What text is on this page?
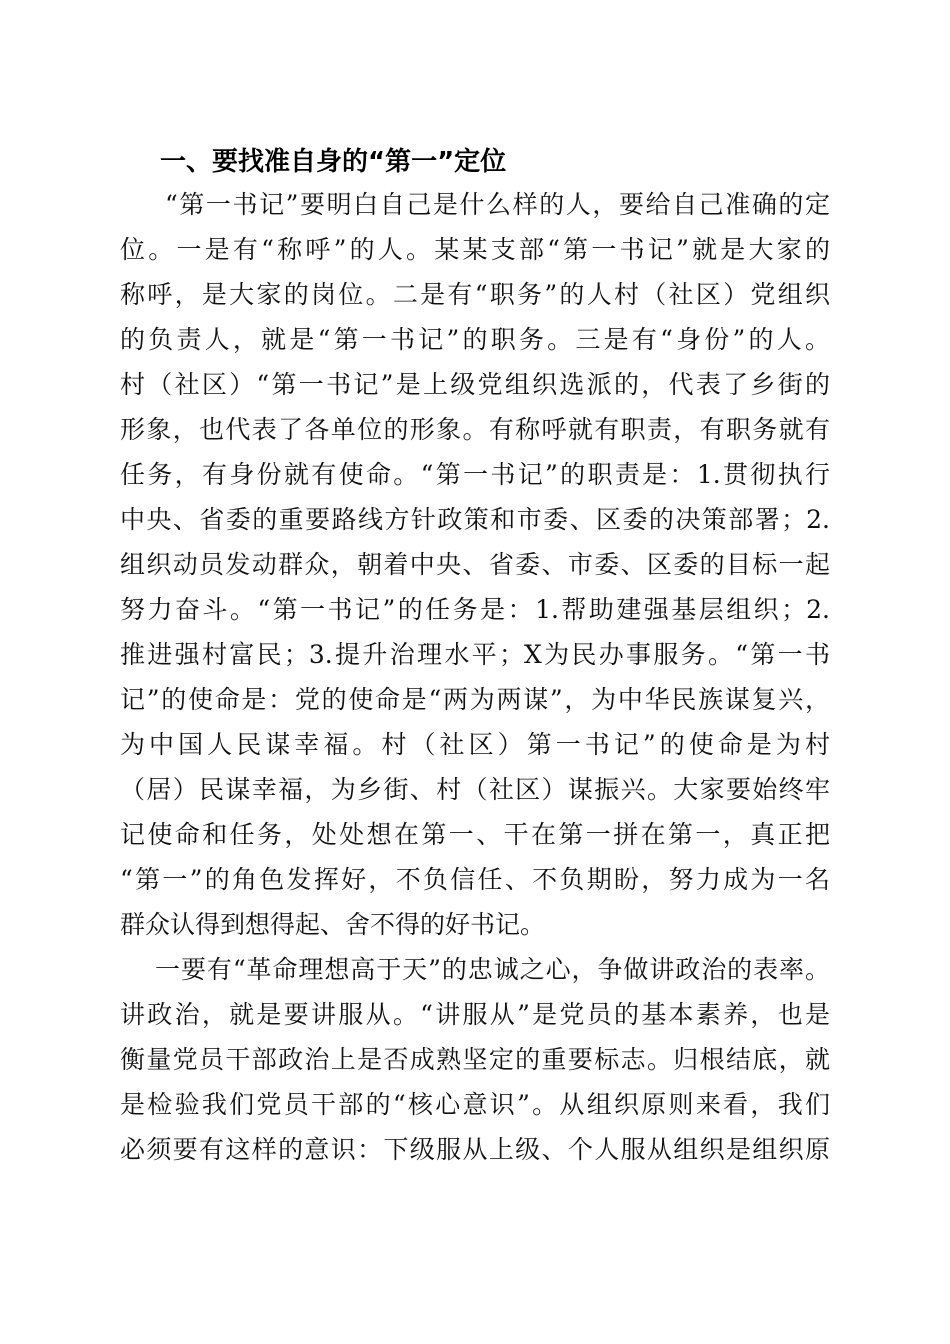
一、要找准自身的“第一”定位
“第一书记”要明白自己是什么样的人，要给自己准确的定
位。一是有“称呼”的人。某某支部“第一书记”就是大家的
称呼，是大家的岗位。二是有“职务”的人村（社区）党组织
的负责人，就是“第一书记”的职务。三是有“身份”的人。
村（社区）“第一书记”是上级党组织选派的，代表了乡街的
形象，也代表了各单位的形象。有称呼就有职责，有职务就有
任务，有身份就有使命。“第一书记”的职责是：1.贯彻执行
中央、省委的重要路线方针政策和市委、区委的决策部署；2.
组织动员发动群众，朝着中央、省委、市委、区委的目标一起
努力奋斗。“第一书记”的任务是：1.帮助建强基层组织；2.
推进强村富民；3.提升治理水平；X为民办事服务。“第一书
记”的使命是：党的使命是“两为两谋”，为中华民族谋复兴，
为中国人民谋幸福。村（社区）第一书记”的使命是为村
（居）民谋幸福，为乡街、村（社区）谋振兴。大家要始终牢
记使命和任务，处处想在第一、干在第一拼在第一，真正把
“第一”的角色发挥好，不负信任、不负期盼，努力成为一名
群众认得到想得起、舍不得的好书记。
一要有“革命理想高于天”的忠诚之心，争做讲政治的表率。
讲政治，就是要讲服从。“讲服从”是党员的基本素养，也是
衡量党员干部政治上是否成熟坚定的重要标志。归根结底，就
是检验我们党员干部的“核心意识”。从组织原则来看，我们
必须要有这样的意识：下级服从上级、个人服从组织是组织原
